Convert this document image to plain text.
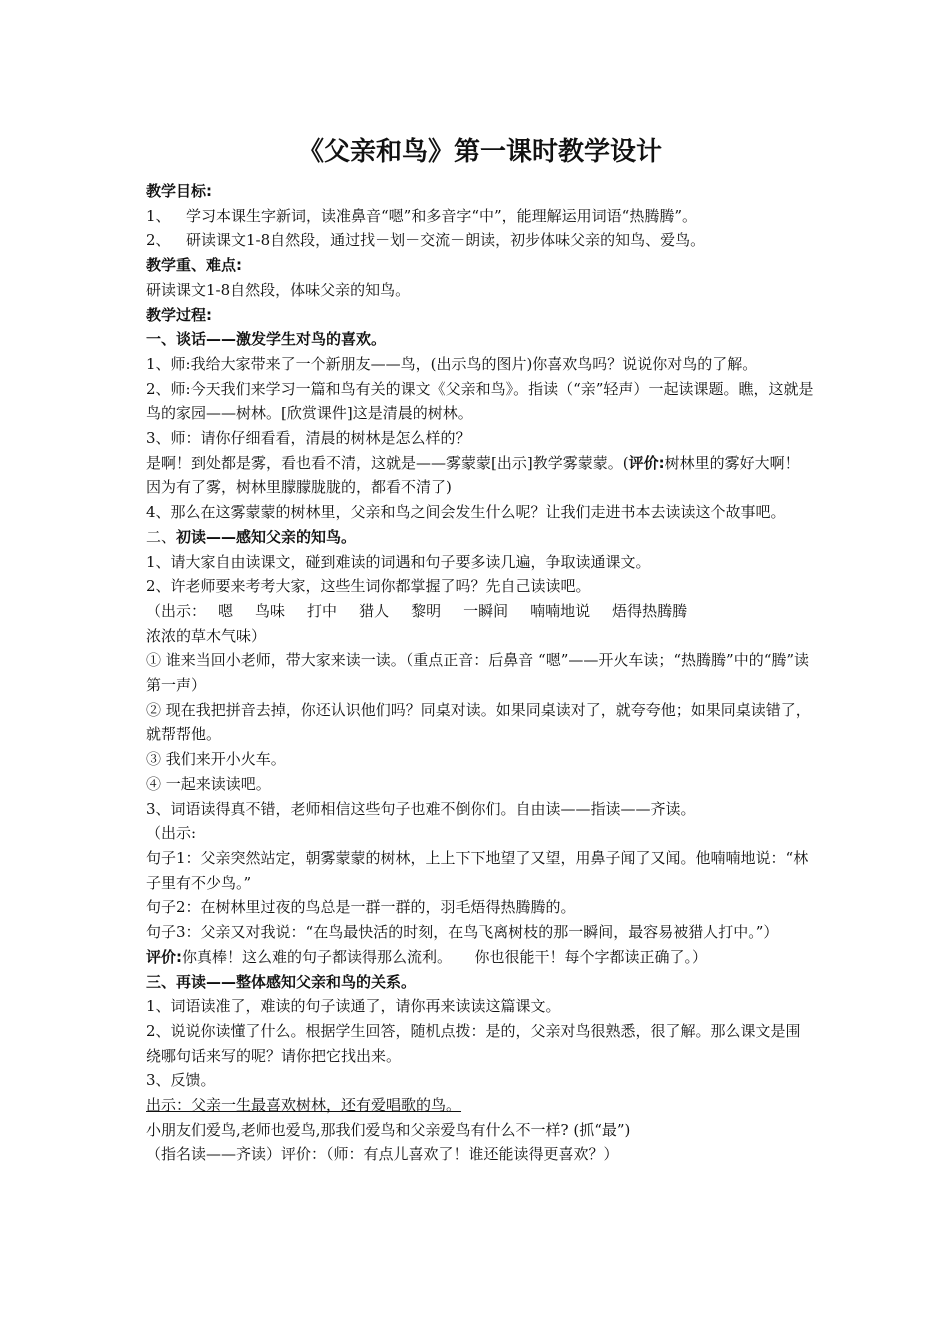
《父亲和鸟》第一课时教学设计

教学目标:

1、 学习本课生字新词，读准鼻音“嗯”和多音字“中”，能理解运用词语“热腾腾”。

2、 研读课文1-8自然段，通过找－划－交流－朗读，初步体味父亲的知鸟、爱鸟。

教学重、难点:

研读课文1-8自然段，体味父亲的知鸟。

教学过程:

一、谈话——激发学生对鸟的喜欢。

1、师:我给大家带来了一个新朋友——鸟，(出示鸟的图片)你喜欢鸟吗？说说你对鸟的了解。

2、师:今天我们来学习一篇和鸟有关的课文《父亲和鸟》。指读（“亲”轻声）一起读课题。瞧，这就是鸟的家园——树林。[欣赏课件]这是清晨的树林。

3、师：请你仔细看看，清晨的树林是怎么样的？

是啊！到处都是雾，看也看不清，这就是——雾蒙蒙[出示]教学雾蒙蒙。(评价:树林里的雾好大啊！　因为有了雾，树林里朦朦胧胧的，都看不清了)

4、那么在这雾蒙蒙的树林里，父亲和鸟之间会发生什么呢？让我们走进书本去读读这个故事吧。

二、初读——感知父亲的知鸟。

1、请大家自由读课文，碰到难读的词遇和句子要多读几遍，争取读通课文。

2、许老师要来考考大家，这些生词你都掌握了吗？先自己读读吧。

（出示： 嗯 鸟味 打中 猎人 黎明 一瞬间 喃喃地说 焐得热腾腾浓浓的草木气味）

① 谁来当回小老师，带大家来读一读。（重点正音：后鼻音 “嗯”——开火车读；“热腾腾”中的“腾”读第一声）

② 现在我把拼音去掉，你还认识他们吗？同桌对读。如果同桌读对了，就夸夸他；如果同桌读错了，就帮帮他。

③ 我们来开小火车。

④ 一起来读读吧。

3、词语读得真不错，老师相信这些句子也难不倒你们。自由读——指读——齐读。

（出示:

句子1：父亲突然站定，朝雾蒙蒙的树林，上上下下地望了又望，用鼻子闻了又闻。他喃喃地说：“林子里有不少鸟。”

句子2：在树林里过夜的鸟总是一群一群的，羽毛焐得热腾腾的。

句子3：父亲又对我说：“在鸟最快活的时刻，在鸟飞离树枝的那一瞬间，最容易被猎人打中。”）

评价:你真棒！这么难的句子都读得那么流利。　　你也很能干！每个字都读正确了。）

三、再读——整体感知父亲和鸟的关系。

1、词语读准了，难读的句子读通了，请你再来读读这篇课文。

2、说说你读懂了什么。根据学生回答，随机点拨：是的，父亲对鸟很熟悉，很了解。那么课文是围绕哪句话来写的呢？请你把它找出来。

3、反馈。

出示：父亲一生最喜欢树林，还有爱唱歌的鸟。

小朋友们爱鸟,老师也爱鸟,那我们爱鸟和父亲爱鸟有什么不一样? (抓“最”)

（指名读——齐读）评价：（师：有点儿喜欢了！谁还能读得更喜欢？）
